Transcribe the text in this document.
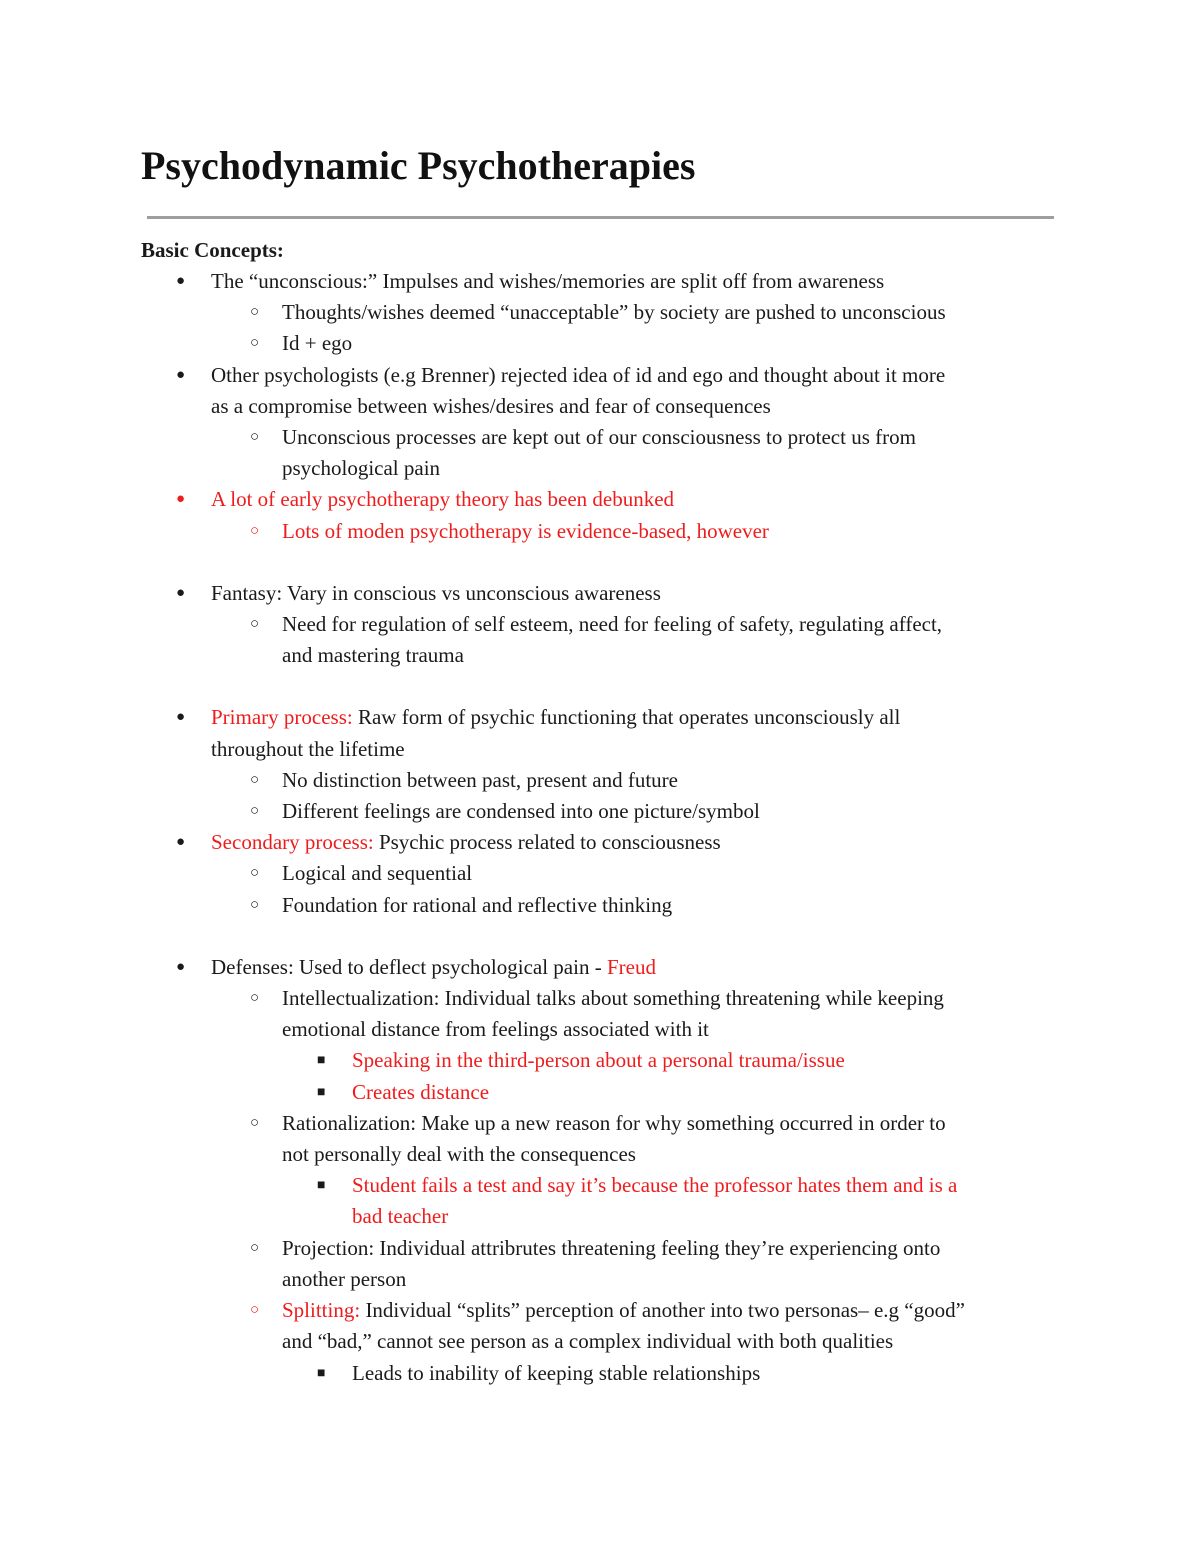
Psychodynamic Psychotherapies
Basic Concepts:
● The “unconscious:” Impulses and wishes/memories are split off from awareness
○ Thoughts/wishes deemed “unacceptable” by society are pushed to unconscious
○ Id + ego
● Other psychologists (e.g Brenner) rejected idea of id and ego and thought about it more
as a compromise between wishes/desires and fear of consequences
○ Unconscious processes are kept out of our consciousness to protect us from
psychological pain
● A lot of early psychotherapy theory has been debunked
○ Lots of moden psychotherapy is evidence-based, however
● Fantasy: Vary in conscious vs unconscious awareness
○ Need for regulation of self esteem, need for feeling of safety, regulating affect,
and mastering trauma
● Primary process: Raw form of psychic functioning that operates unconsciously all
throughout the lifetime
○ No distinction between past, present and future
○ Different feelings are condensed into one picture/symbol
● Secondary process: Psychic process related to consciousness
○ Logical and sequential
○ Foundation for rational and reflective thinking
● Defenses: Used to deflect psychological pain - Freud
○ Intellectualization: Individual talks about something threatening while keeping
emotional distance from feelings associated with it
■ Speaking in the third-person about a personal trauma/issue
■ Creates distance
○ Rationalization: Make up a new reason for why something occurred in order to
not personally deal with the consequences
■ Student fails a test and say it’s because the professor hates them and is a
bad teacher
○ Projection: Individual attribrutes threatening feeling they’re experiencing onto
another person
○ Splitting: Individual “splits” perception of another into two personas– e.g “good”
and “bad,” cannot see person as a complex individual with both qualities
■ Leads to inability of keeping stable relationships
